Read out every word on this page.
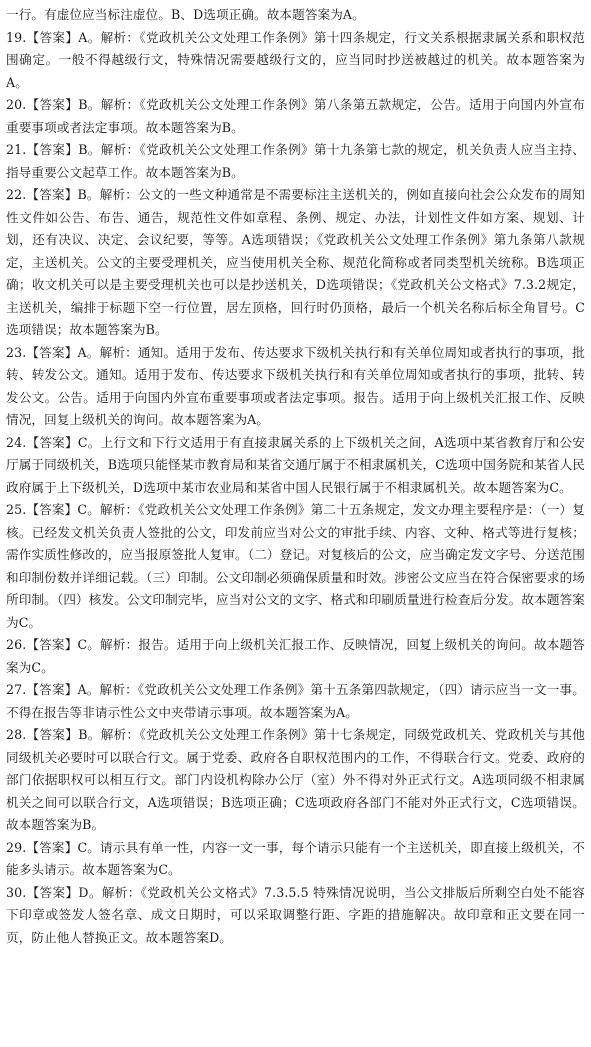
一行。有虚位应当标注虚位。B、D选项正确。故本题答案为A。

19.【答案】A。解析：《党政机关公文处理工作条例》第十四条规定，行文关系根据隶属关系和职权范围确定。一般不得越级行文，特殊情况需要越级行文的，应当同时抄送被越过的机关。故本题答案为A。

20.【答案】B。解析：《党政机关公文处理工作条例》第八条第五款规定，公告。适用于向国内外宣布重要事项或者法定事项。故本题答案为B。

21.【答案】B。解析：《党政机关公文处理工作条例》第十九条第七款的规定，机关负责人应当主持、指导重要公文起草工作。故本题答案为B。

22.【答案】B。解析：公文的一些文种通常是不需要标注主送机关的，例如直接向社会公众发布的周知性文件如公告、布告、通告，规范性文件如章程、条例、规定、办法，计划性文件如方案、规划、计划，还有决议、决定、会议纪要，等等。A选项错误；《党政机关公文处理工作条例》第九条第八款规定，主送机关。公文的主要受理机关，应当使用机关全称、规范化简称或者同类型机关统称。B选项正确；收文机关可以是主要受理机关也可以是抄送机关，D选项错误；《党政机关公文格式》7.3.2规定，主送机关，编排于标题下空一行位置，居左顶格，回行时仍顶格，最后一个机关名称后标全角冒号。C选项错误；故本题答案为B。

23.【答案】A。解析：通知。适用于发布、传达要求下级机关执行和有关单位周知或者执行的事项，批转、转发公文。通知。适用于发布、传达要求下级机关执行和有关单位周知或者执行的事项，批转、转发公文。公告。适用于向国内外宣布重要事项或者法定事项。报告。适用于向上级机关汇报工作、反映情况，回复上级机关的询问。故本题答案为A。

24.【答案】C。上行文和下行文适用于有直接隶属关系的上下级机关之间，A选项中某省教育厅和公安厅属于同级机关，B选项只能怪某市教育局和某省交通厅属于不相隶属机关，C选项中国务院和某省人民政府属于上下级机关，D选项中某市农业局和某省中国人民银行属于不相隶属机关。故本题答案为C。

25.【答案】C。解析：《党政机关公文处理工作条例》第二十五条规定，发文办理主要程序是：（一）复核。已经发文机关负责人签批的公文，印发前应当对公文的审批手续、内容、文种、格式等进行复核；需作实质性修改的，应当报原签批人复审。（二）登记。对复核后的公文，应当确定发文字号、分送范围和印制份数并详细记载。（三）印制。公文印制必须确保质量和时效。涉密公文应当在符合保密要求的场所印制。（四）核发。公文印制完毕，应当对公文的文字、格式和印刷质量进行检查后分发。故本题答案为C。

26.【答案】C。解析：报告。适用于向上级机关汇报工作、反映情况，回复上级机关的询问。故本题答案为C。

27.【答案】A。解析：《党政机关公文处理工作条例》第十五条第四款规定，（四）请示应当一文一事。不得在报告等非请示性公文中夹带请示事项。故本题答案为A。

28.【答案】B。解析：《党政机关公文处理工作条例》第十七条规定，同级党政机关、党政机关与其他同级机关必要时可以联合行文。属于党委、政府各自职权范围内的工作，不得联合行文。党委、政府的部门依据职权可以相互行文。部门内设机构除办公厅（室）外不得对外正式行文。A选项同级不相隶属机关之间可以联合行文，A选项错误；B选项正确；C选项政府各部门不能对外正式行文，C选项错误。故本题答案为B。

29.【答案】C。请示具有单一性，内容一文一事，每个请示只能有一个主送机关，即直接上级机关，不能多头请示。故本题答案为C。

30.【答案】D。解析：《党政机关公文格式》7.3.5.5 特殊情况说明，当公文排版后所剩空白处不能容下印章或签发人签名章、成文日期时，可以采取调整行距、字距的措施解决。故印章和正文要在同一页，防止他人替换正文。故本题答案D。
